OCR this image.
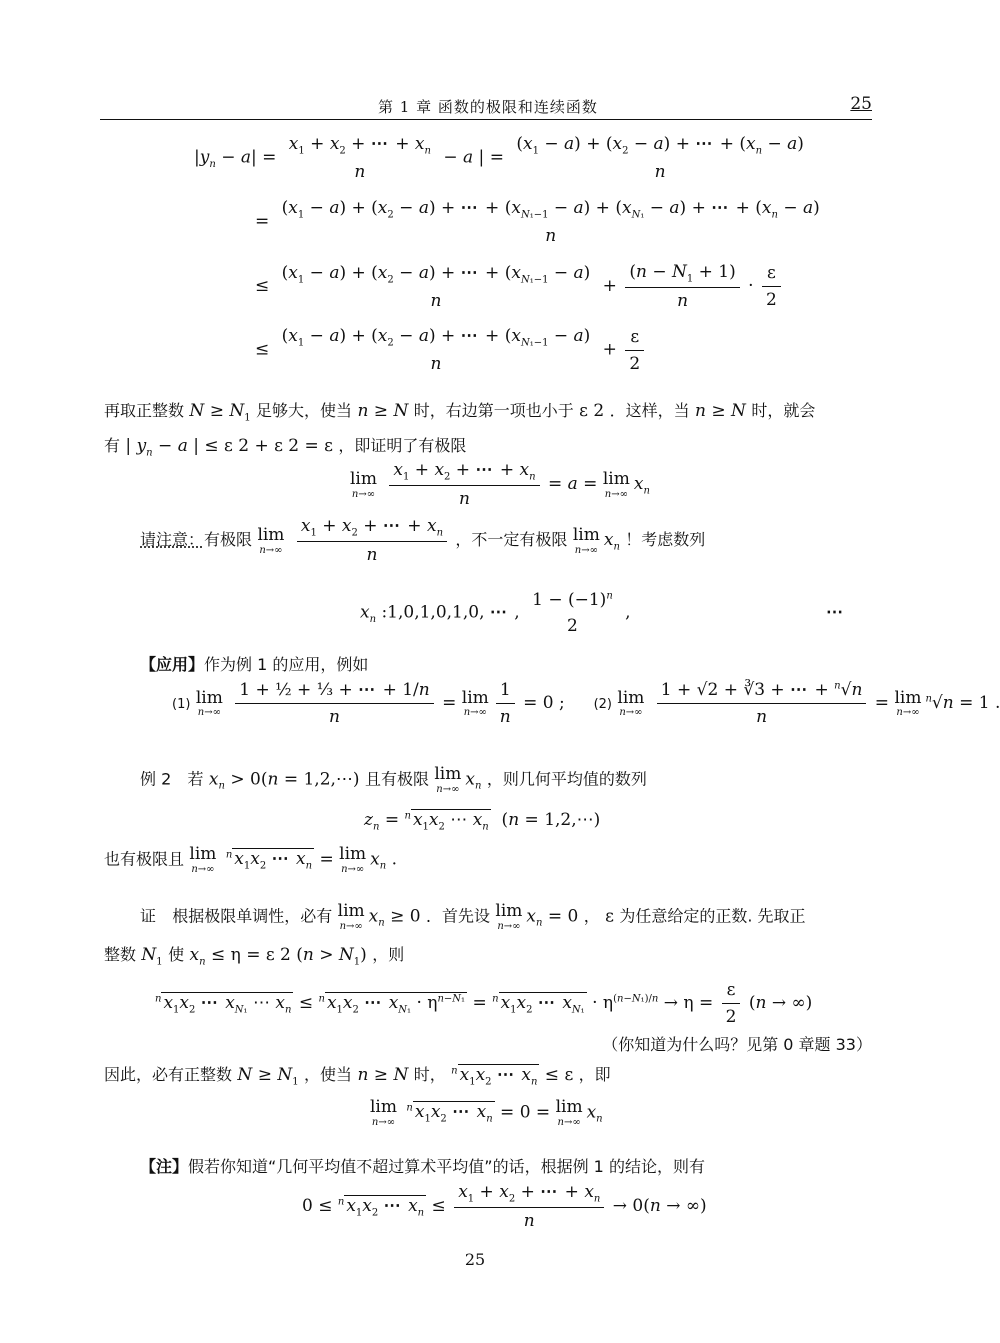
第 1 章 函数的极限和连续函数	25
$|y_n - a|$ =
$x_1 + x_2$ + ⋯ + $x_n$
n
− a | =
$(x_1 - a) + (x_2 - a)$ + ⋯ + $(x_n - a)$
n
=
$(x_1 - a) + (x_2 - a)$ + ⋯ + $(x_{N_1-1} - a) + (x_{N_1} - a)$ + ⋯ + $(x_n - a)$
n
≤
$(x_1 - a) + (x_2 - a)$ + ⋯ + $(x_{N_1-1} - a)$
n
+ $\frac{(n - N_1 + 1)}{n} \cdot \frac{\varepsilon}{2}$
≤
$(x_1 - a) + (x_2 - a)$ + ⋯ + $(x_{N_1-1} - a)$
n
+ $\frac{\varepsilon}{2}$
再取正整数 $N \ge N_1$ 足够大，使当 n ≥ N 时，右边第一项也小于 ε 2 ．这样，当 n ≥ N 时，就会
有 | $y_n - a$ | ≤ ε 2 + ε 2 = ε ，即证明了有极限
lim
n→∞
$\frac{x_1 + x_2 + \cdots + x_n}{n} = a = \lim$
n→∞ $x_n$
请注意：有极限 lim
n→∞
$\frac{x_1 + x_2 + \cdots + x_n}{n}$ ，不一定有极限 lim
n→∞ $x_n$ ！考虑数列
$x_n$ :1,0,1,0,1,0, ⋯ ,
$1 - (-1)^n$
2
,	⋯
【应用】作为例 1 的应用，例如
(1) lim
n→∞
$\frac{\text{1 + ½ + ⅓ + ⋯ + 1/n}}{n} = \lim$
$n\to\infty \frac{1}{n} = 0$ ;  (2) lim
n→∞
$\frac{1 + √2 + ∛3 + \cdots + ^n√n}{n} = \lim$
n→∞
$^n$√n = 1 .
例 2 若 $x_n > 0(n$ = 1,2,⋯) 且有极限 lim
n→∞ $x_n$ ，则几何平均值的数列
$z_n = ^n$ $x_1x_2$ ⋯ $x_n$  (n = 1,2,⋯)
也有极限且 lim
n→∞
$^n$ $x_1x_2$ ⋯ $x_n = \lim$
n→∞ $x_n$ .
证 根据极限单调性，必有 lim
n→∞ $x_n \ge 0$ ．首先设 lim
n→∞ $x_n = 0$ ， ε 为任意给定的正数. 先取正
整数 $N_1$ 使 $x_n \le \eta = \varepsilon$ 2 $(n > N_1)$ ，则
$^n$ $x_1x_2$ ⋯ $x_{N_1}$ ⋯ $x_n \le ^n$ $x_1x_2$ ⋯ $x_{N_1} \cdot \eta^{n-N_1} = ^n$ $x_1x_2$ ⋯ $x_{N_1} \cdot \eta^{(n-N_1)/n} \to \eta = \frac{\varepsilon}{2} (n$ → ∞)
（你知道为什么吗？见第 0 章题 33）
因此，必有正整数 $N \ge N_1$ ，使当 n ≥ N 时， $^n$ $x_1x_2$ ⋯ $x_n \le \varepsilon$ ，即
lim
n→∞
$^n$ $x_1x_2$ ⋯ $x_n = 0 = \lim$
n→∞ $x_n$
【注】假若你知道“几何平均值不超过算术平均值”的话，根据例 1 的结论，则有
0 ≤ $^n$ $x_1x_2$ ⋯ $x_n \le \frac{x_1 + x_2 + \cdots + x_n}{n} \to 0(n$ → ∞)
25
